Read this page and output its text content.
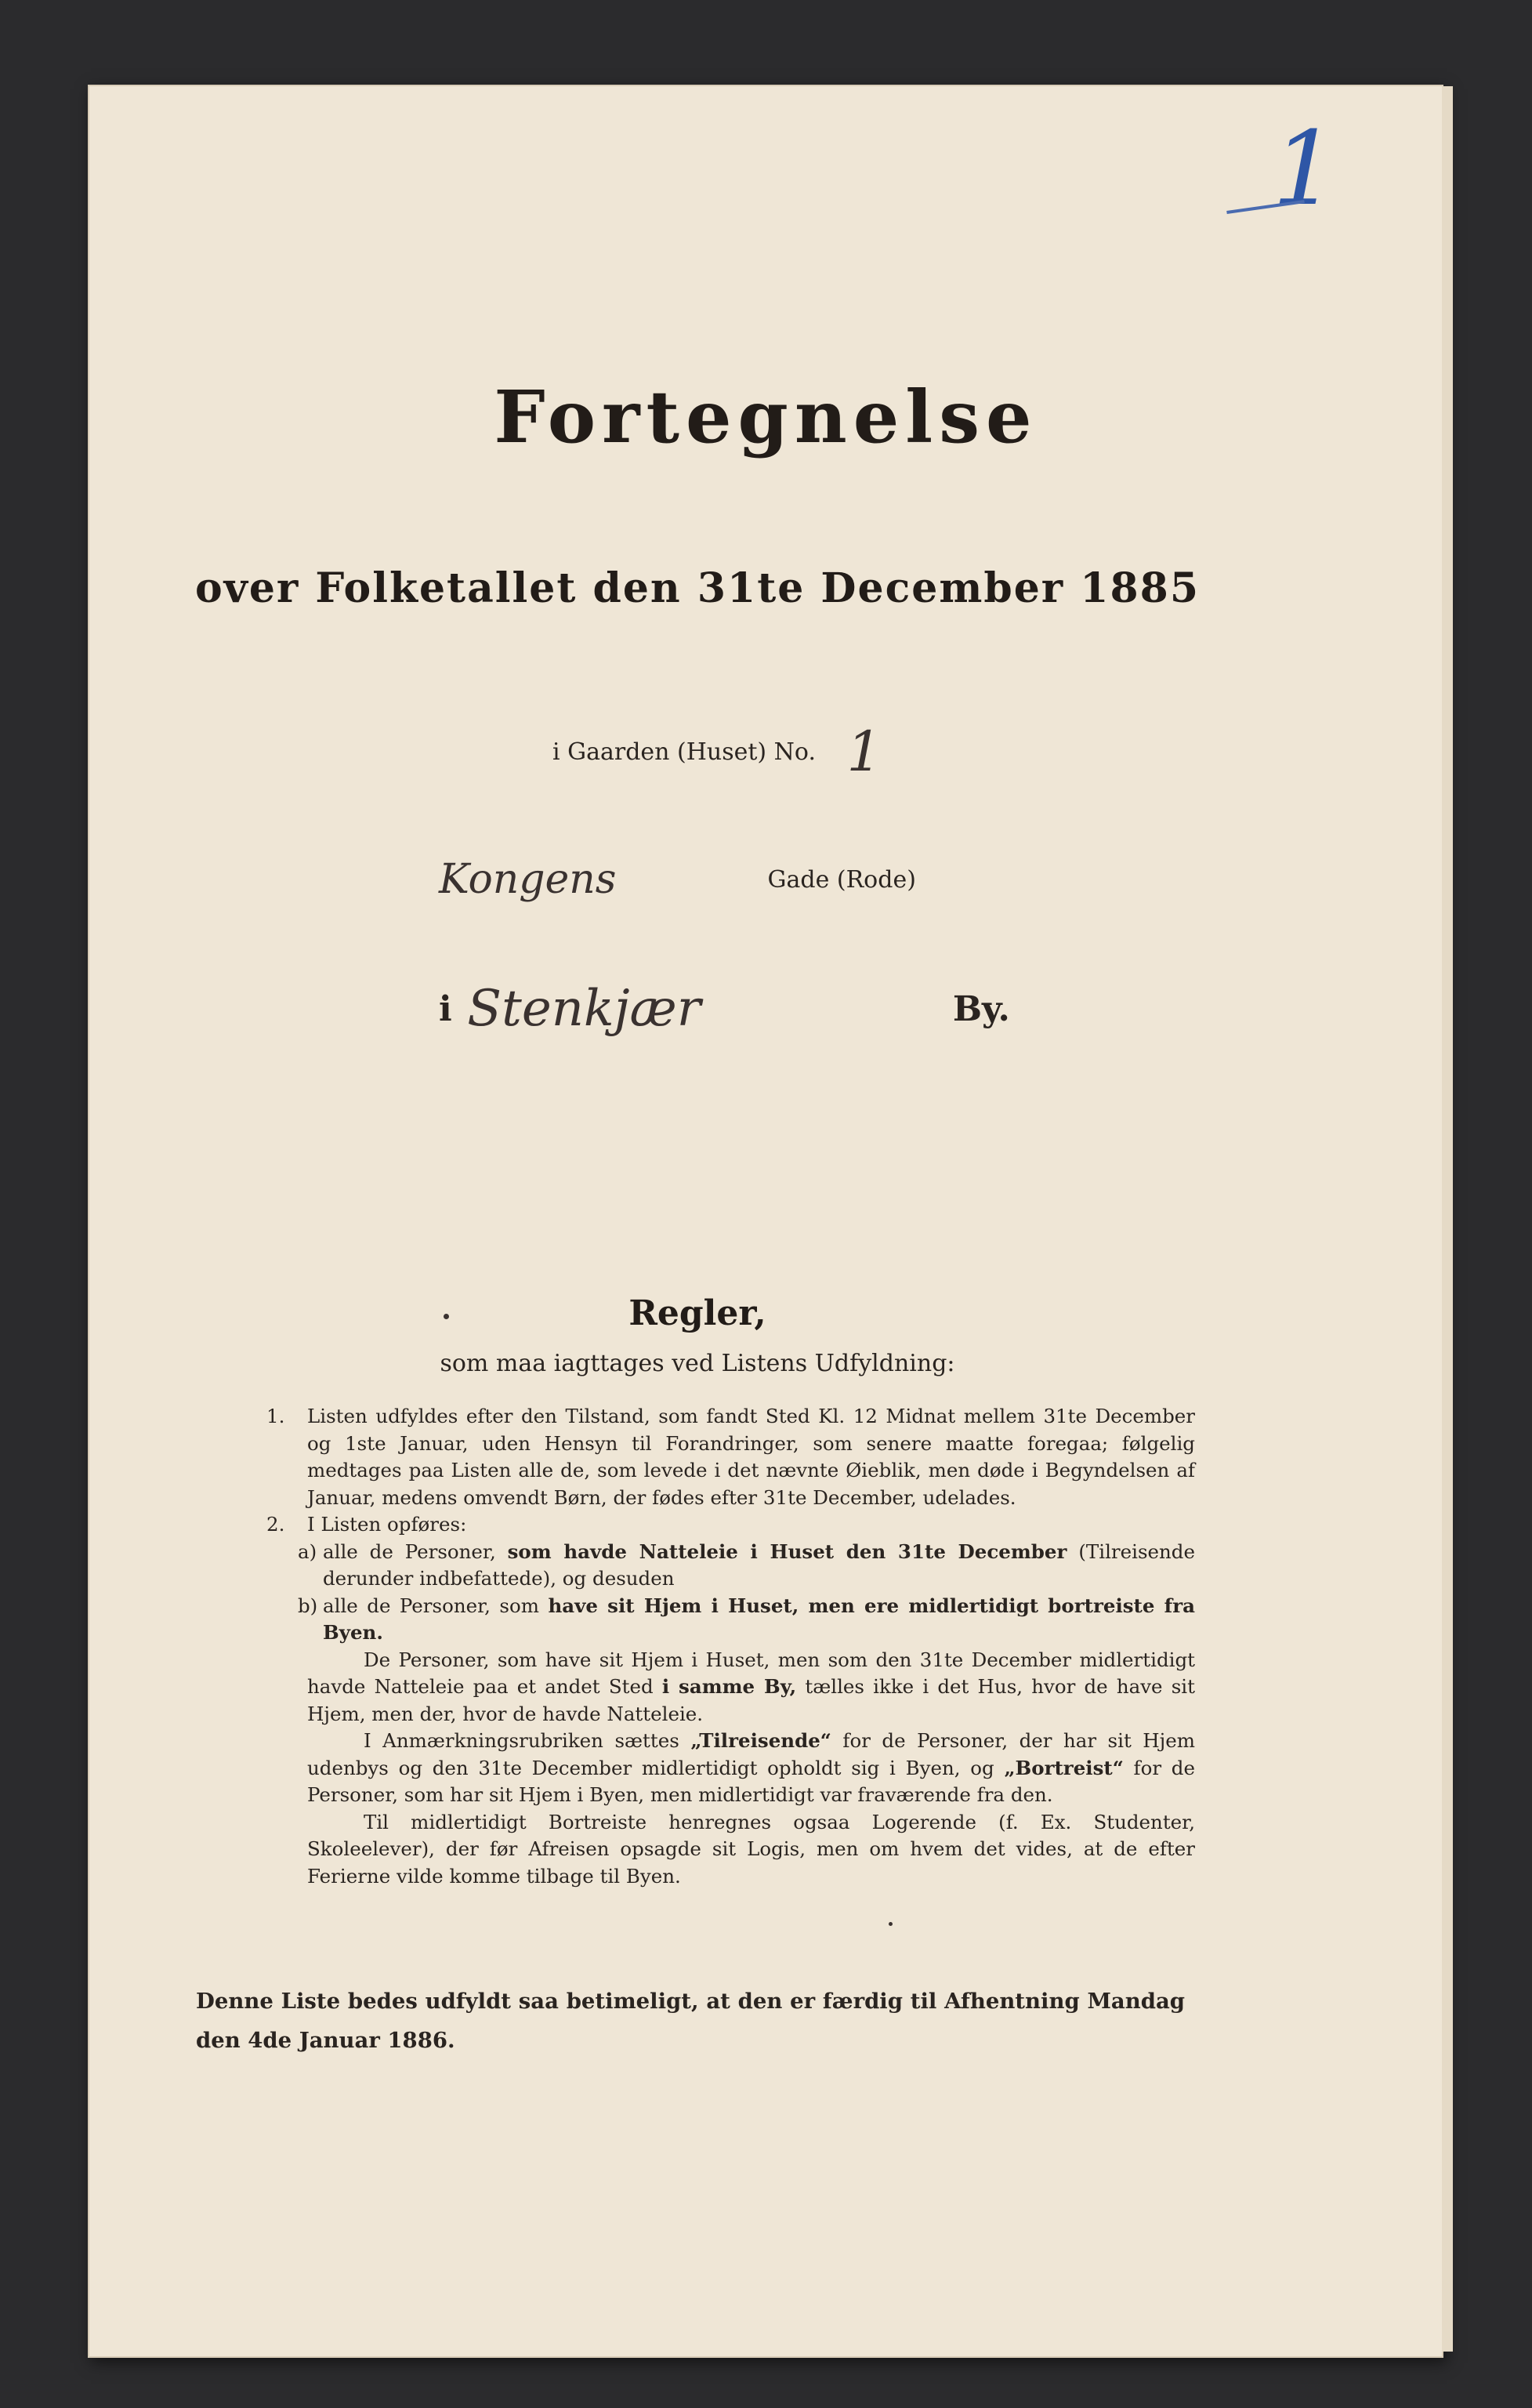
1
Fortegnelse
over Folketallet den 31te December 1885
i Gaarden (Huset) No. 1
Kongens	Gade (Rode)
i Stenkjær	By.
Regler,
som maa iagttages ved Listens Udfyldning:
1. Listen udfyldes efter den Tilstand, som fandt Sted Kl. 12 Midnat mellem 31te December og 1ste Januar, uden Hensyn til Forandringer, som senere maatte foregaa; følgelig medtages paa Listen alle de, som levede i det nævnte Øieblik, men døde i Begyndelsen af Januar, medens omvendt Børn, der fødes efter 31te December, udelades.
2. I Listen opføres:
a) alle de Personer, som havde Natteleie i Huset den 31te December (Tilreisende derunder indbefattede), og desuden
b) alle de Personer, som have sit Hjem i Huset, men ere midlertidigt bortreiste fra Byen.
De Personer, som have sit Hjem i Huset, men som den 31te December midlertidigt havde Natteleie paa et andet Sted i samme By, tælles ikke i det Hus, hvor de have sit Hjem, men der, hvor de havde Natteleie.
I Anmærkningsrubriken sættes „Tilreisende“ for de Personer, der har sit Hjem udenbys og den 31te December midlertidigt opholdt sig i Byen, og „Bortreist“ for de Personer, som har sit Hjem i Byen, men midlertidigt var fraværende fra den.
Til midlertidigt Bortreiste henregnes ogsaa Logerende (f. Ex. Studenter, Skoleelever), der før Afreisen opsagde sit Logis, men om hvem det vides, at de efter Ferierne vilde komme tilbage til Byen.
Denne Liste bedes udfyldt saa betimeligt, at den er færdig til Afhentning Mandag den 4de Januar 1886.
